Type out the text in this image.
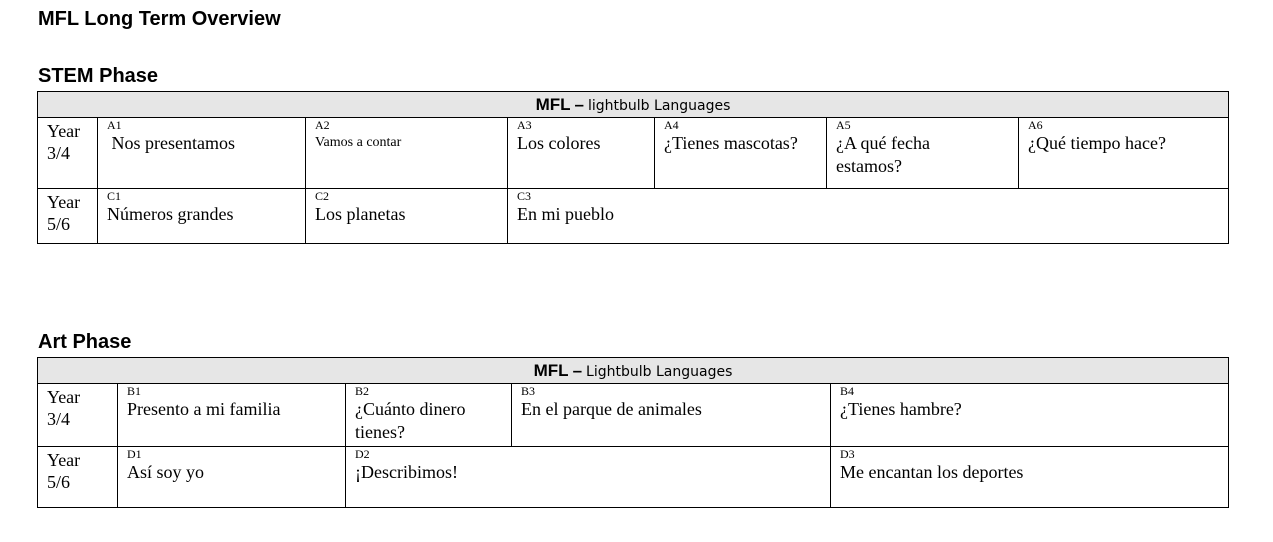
MFL Long Term Overview
STEM Phase
MFL – lightbulb Languages
Year
3/4
A1
Nos presentamos
A2
Vamos a contar
A3
Los colores
A4
¿Tienes mascotas?
A5
¿A qué fecha estamos?
A6
¿Qué tiempo hace?
Year
5/6
C1
Números grandes
C2
Los planetas
C3
En mi pueblo
Art Phase
MFL – Lightbulb Languages
Year
3/4
B1
Presento a mi familia
B2
¿Cuánto dinero tienes?
B3
En el parque de animales
B4
¿Tienes hambre?
Year
5/6
D1
Así soy yo
D2
¡Describimos!
D3
Me encantan los deportes
